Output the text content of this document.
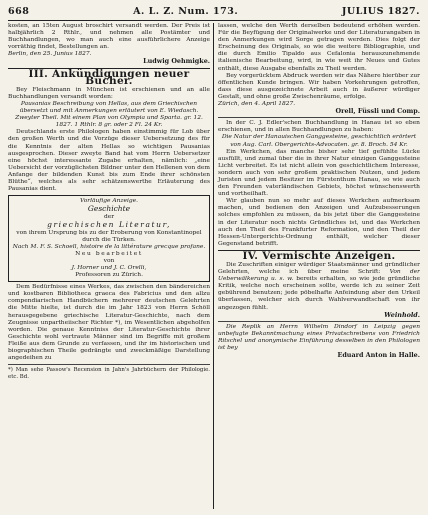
668	A. L. Z. Num. 173.	JULIUS 1827.

kosten, an 15ten August broschirt versandt werden. Der Preis ist halbjährlich 2 Rthlr., und nehmen alle Postämter und Buchhandlungen, wo man auch eine ausführlichere Anzeige vorräthig findet, Bestellungen an.

Berlin, den 25. Junius 1827.

Ludwig Oehmigke.

III. Ankündigungen neuer Bücher.

Bey Fleischmann in München ist erschienen und an alle Buchhandlungen versandt worden:

Pausanias Beschreibung von Hellas, aus dem Griechischen übersetzt und mit Anmerkungen erläutert von E. Wiedasch. Zweyter Theil. Mit einem Plan von Olympia und Sparta. gr. 12. 1827. 1 Rthlr. 8 gr. oder 2 Fl. 24 Kr.

Deutschlands erste Philologen haben einstimmig für Lob über den großen Werth und die Vorzüge dieser Uebersetzung des für die Kenntnis der alten Hellas so wichtigen Pausanias ausgesprochen. Dieser zweyte Band hat vom Herrn Uebersetzer eine höchst interessante Zugabe erhalten, nämlich: „eine Uebersicht der vorzüglichsten Bildner unter den Hellenen von dem Anfange der bildenden Kunst bis zum Ende ihrer schönsten Blüthe“, welches als sehr schätzenswerthe Erläuterung des Pausanias dient.

Vorläufige Anzeige.

Geschichte

der

griechischen Literatur,

von ihrem Ursprung bis zu der Eroberung von Konstantinopel durch die Türken.

Nach M. F. S. Schoell, histoire de la littérature grecque profane.

Neu bearbeitet

von

J. Horner und J. C. Orelli,

Professoren zu Zürich.

Dem Bedürfnisse eines Werkes, das zwischen den bändereichen und kostbaren Bibliotheca graeca des Fabricius und den allzu compendiarischen Handbüchern mehrerer deutschen Gelehrten die Mitte hielte, ist durch die im Jahr 1823 von Herrn Schöll herausgegebene griechische Literatur-Geschichte, nach dem Zeugnisse unpartheiischer Richter *), im Wesentlichen abgeholfen worden. Die genaue Kenntniss der Literatur-Geschichte ihrer Geschichte wohl vertraute Männer sind im Begriffe mit großem Fleiße aus dem Grunde zu verfassen, und ihr im historischen und biographischen Theile gedrängte und zweckmäßige Darstellung angedeihen zu

*) Man sehe Passow's Recension in Jahn's Jahrbüchern der Philologie. etc. Bd.

lassen, welche den Werth derselben bedeutend erhöhen werden. Für die Beyfügung der Originalwerke und der Literaturangaben in den Anmerkungen wird Sorge getragen werden. Dies folgt der Erscheinung des Originals, so wie die weitere Bibliographie, und die durch Emilio Tipaldo aus Cefalonia herauszunehmende italienische Bearbeitung, wird, in wie weit ihr Neues und Gutes enthält, diese Ausgabe ebenfalls zu Theil werden.

Bey vorgerücktem Abdruck werden wir das Nähere hierüber zur öffentlichen Kunde bringen. Wir haben Vorkehrungen getroffen, dass diese ausgezeichnete Arbeit auch in äußerer würdiger Gestalt, und ohne große Zwischenräume, erfolge.

Zürich, den 4. April 1827.

Orell, Füssli und Comp.

In der C. J. Edler'schen Buchhandlung in Hanau ist so eben erschienen, und in allen Buchhandlungen zu haben:

Die Natur der Hanauischen Ganggesteine, geschichtlich erörtert von Aug. Carl. Obergerichts-Advocaten. gr. 8. Broch. 54 Kr.

Ein Werkchen, das manche bisher sehr tief gefühlte Lücke ausfüllt, und zumal über die in ihrer Natur einzigen Ganggesteine Licht verbreitet. Es ist nicht allein von geschichtlichem Interesse, sondern auch von sehr großem praktischen Nutzen, und jedem Juristen und jedem Besitzer im Fürstenthum Hanau, so wie auch den Freunden vaterländischen Gebiets, höchst wünschenswerth und vortheilhaft.

Wir glauben nun so mehr auf dieses Werkchen aufmerksam machen, und bedienen den Anzeigen und Aufzubesserungen solches empfohlen zu müssen, da bis jetzt über die Ganggesteine in der Literatur noch nichts Gründliches ist, und das Werkchen auch den Theil des Frankfurter Reformation, und den Theil der Hessen-Untergerichts-Ordnung enthält, welcher dieser Gegenstand betrifft.

IV. Vermischte Anzeigen.

Die Zuschriften einiger würdiger Staatsmänner und gründlicher Gelehrten, welche ich über meine Schrift: Von der Ueberwälkerung u. s. w. bereits erhalten, so wie jede gründliche Kritik, welche noch erscheinen sollte, werde ich zu seiner Zeit gebührend benutzen; jede pöbelhafte Anfeindung aber den Urkeil überlassen, welcher sich durch Wahlverwandtschaft von ihr angezogen fühlt.

Weinhold.

Die Replik an Herrn Wilhelm Dindorf in Leipzig gegen unbefugte Bekanntmachung eines Privatschreibens von Friedrich Ritschel und anonymische Einführung desselben in den Philologen ist bey

Eduard Anton in Halle.
